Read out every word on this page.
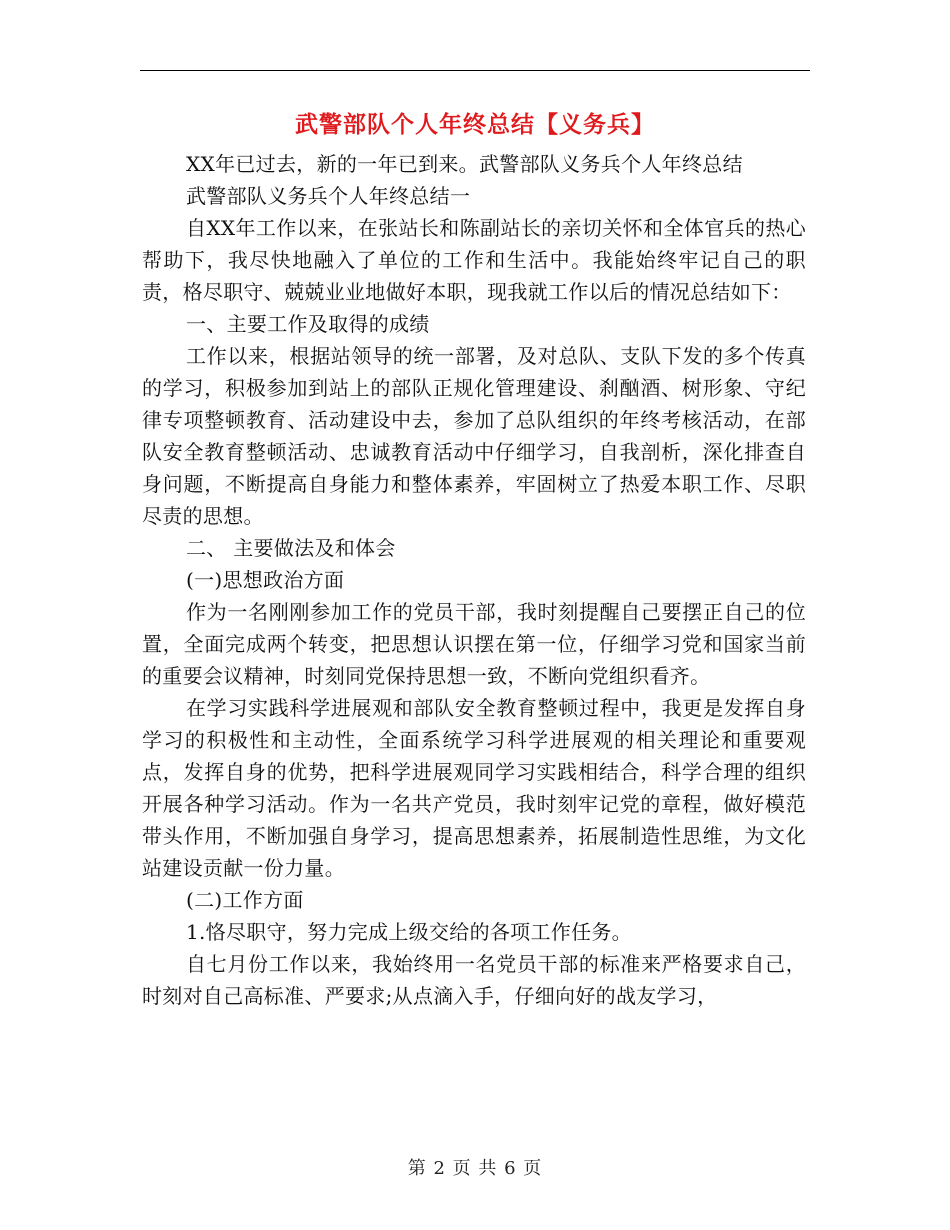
武警部队个人年终总结【义务兵】

XX年已过去，新的一年已到来。武警部队义务兵个人年终总结

武警部队义务兵个人年终总结一

自XX年工作以来，在张站长和陈副站长的亲切关怀和全体官兵的热心帮助下，我尽快地融入了单位的工作和生活中。我能始终牢记自己的职责，格尽职守、兢兢业业地做好本职，现我就工作以后的情况总结如下：

一、主要工作及取得的成绩

工作以来，根据站领导的统一部署，及对总队、支队下发的多个传真的学习，积极参加到站上的部队正规化管理建设、刹酗酒、树形象、守纪律专项整顿教育、活动建设中去，参加了总队组织的年终考核活动，在部队安全教育整顿活动、忠诚教育活动中仔细学习，自我剖析，深化排查自身问题，不断提高自身能力和整体素养，牢固树立了热爱本职工作、尽职尽责的思想。

二、 主要做法及和体会

(一)思想政治方面

作为一名刚刚参加工作的党员干部，我时刻提醒自己要摆正自己的位置，全面完成两个转变，把思想认识摆在第一位，仔细学习党和国家当前的重要会议精神，时刻同党保持思想一致，不断向党组织看齐。

在学习实践科学进展观和部队安全教育整顿过程中，我更是发挥自身学习的积极性和主动性，全面系统学习科学进展观的相关理论和重要观点，发挥自身的优势，把科学进展观同学习实践相结合，科学合理的组织开展各种学习活动。作为一名共产党员，我时刻牢记党的章程，做好模范带头作用，不断加强自身学习，提高思想素养，拓展制造性思维，为文化站建设贡献一份力量。

(二)工作方面

1.恪尽职守，努力完成上级交给的各项工作任务。

自七月份工作以来，我始终用一名党员干部的标准来严格要求自己，时刻对自己高标准、严要求;从点滴入手，仔细向好的战友学习，

第 2 页 共 6 页
